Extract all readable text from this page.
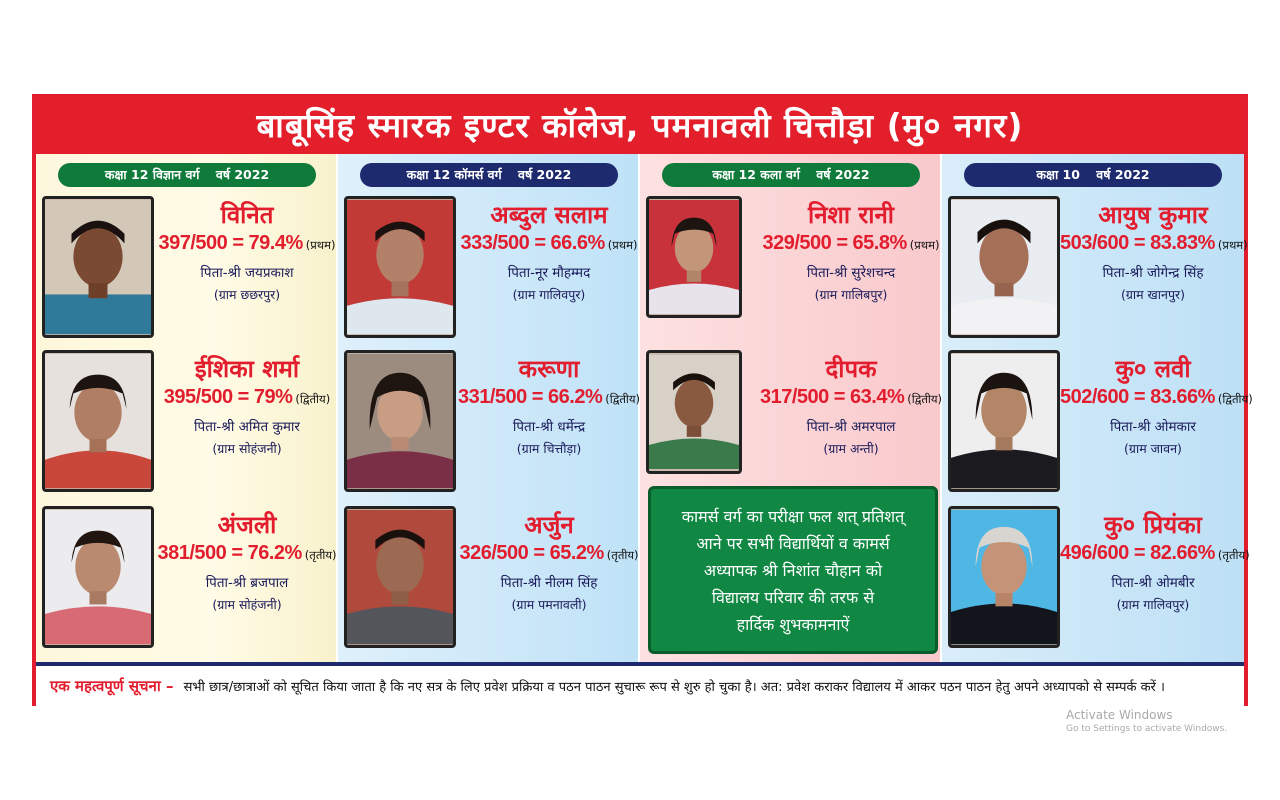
बाबूसिंह स्मारक इण्टर कॉलेज, पमनावली चित्तौड़ा (मु० नगर)
कक्षा 12 विज्ञान वर्ग वर्ष 2022
विनित
397/500 = 79.4% (प्रथम)
पिता-श्री जयप्रकाश
(ग्राम छछरपुर)
ईशिका शर्मा
395/500 = 79% (द्वितीय)
पिता-श्री अमित कुमार
(ग्राम सोहंजनी)
अंजली
381/500 = 76.2% (तृतीय)
पिता-श्री ब्रजपाल
(ग्राम सोहंजनी)
कक्षा 12 कॉमर्स वर्ग वर्ष 2022
अब्दुल सलाम
333/500 = 66.6% (प्रथम)
पिता-नूर मौहम्मद
(ग्राम गालिवपुर)
करूणा
331/500 = 66.2% (द्वितीय)
पिता-श्री धर्मेन्द्र
(ग्राम चित्तौड़ा)
अर्जुन
326/500 = 65.2% (तृतीय)
पिता-श्री नीलम सिंह
(ग्राम पमनावली)
कक्षा 12 कला वर्ग वर्ष 2022
निशा रानी
329/500 = 65.8% (प्रथम)
पिता-श्री सुरेशचन्द
(ग्राम गालिबपुर)
दीपक
317/500 = 63.4% (द्वितीय)
पिता-श्री अमरपाल
(ग्राम अन्ती)
कामर्स वर्ग का परीक्षा फल शत् प्रतिशत्
आने पर सभी विद्यार्थियों व कामर्स
अध्यापक श्री निशांत चौहान को
विद्यालय परिवार की तरफ से
हार्दिक शुभकामनाऐं
कक्षा 10 वर्ष 2022
आयुष कुमार
503/600 = 83.83% (प्रथम)
पिता-श्री जोगेन्द्र सिंह
(ग्राम खानपुर)
कु० लवी
502/600 = 83.66% (द्वितीय)
पिता-श्री ओमकार
(ग्राम जावन)
कु० प्रियंका
496/600 = 82.66% (तृतीय)
पिता-श्री ओमबीर
(ग्राम गालिवपुर)
एक महत्वपूर्ण सूचना – सभी छात्र/छात्राओं को सूचित किया जाता है कि नए सत्र के लिए प्रवेश प्रक्रिया व पठन पाठन सुचारू रूप से शुरु हो चुका है। अत: प्रवेश कराकर विद्यालय में आकर पठन पाठन हेतु अपने अध्यापको से सम्पर्क करें ।
Activate Windows
Go to Settings to activate Windows.
